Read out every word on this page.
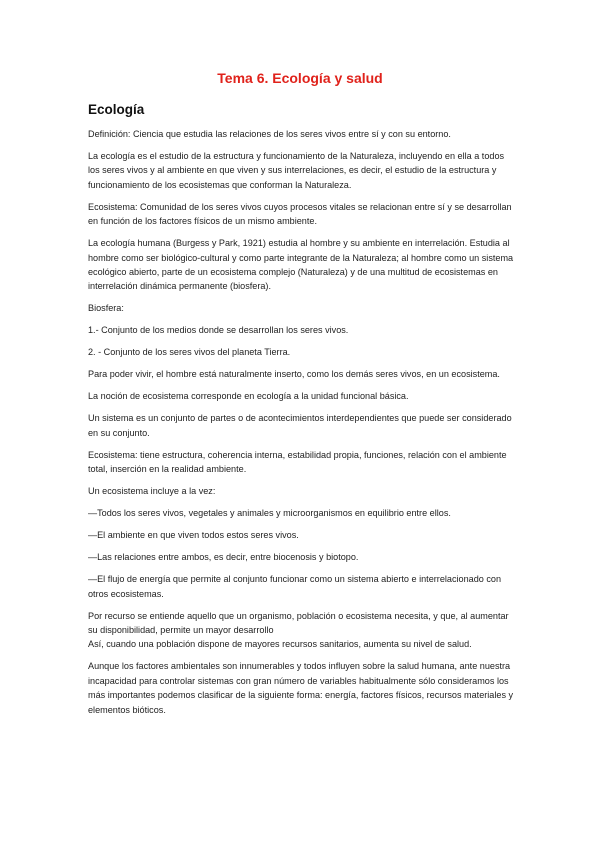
Tema 6. Ecología y salud
Ecología

Definición: Ciencia que estudia las relaciones de los seres vivos entre sí y con su entorno.

La ecología es el estudio de la estructura y funcionamiento de la Naturaleza, incluyendo en ella a todos los seres vivos y al ambiente en que viven y sus interrelaciones, es decir, el estudio de la estructura y funcionamiento de los ecosistemas que conforman la Naturaleza.

Ecosistema: Comunidad de los seres vivos cuyos procesos vitales se relacionan entre sí y se desarrollan en función de los factores físicos de un mismo ambiente.

La ecología humana (Burgess y Park, 1921) estudia al hombre y su ambiente en interrelación. Estudia al hombre como ser biológico-cultural y como parte integrante de la Naturaleza; al hombre como un sistema ecológico abierto, parte de un ecosistema complejo (Naturaleza) y de una multitud de ecosistemas en interrelación dinámica permanente (biosfera).

Biosfera:

1.- Conjunto de los medios donde se desarrollan los seres vivos.

2. - Conjunto de los seres vivos del planeta Tierra.

Para poder vivir, el hombre está naturalmente inserto, como los demás seres vivos, en un ecosistema.

La noción de ecosistema corresponde en ecología a la unidad funcional básica.

Un sistema es un conjunto de partes o de acontecimientos interdependientes que puede ser considerado en su conjunto.

Ecosistema: tiene estructura, coherencia interna, estabilidad propia, funciones, relación con el ambiente total, inserción en la realidad ambiente.

Un ecosistema incluye a la vez:

—Todos los seres vivos, vegetales y animales y microorganismos en equilibrio entre ellos.

—El ambiente en que viven todos estos seres vivos.

—Las relaciones entre ambos, es decir, entre biocenosis y biotopo.

—El flujo de energía que permite al conjunto funcionar como un sistema abierto e interrelacionado con otros ecosistemas.

Por recurso se entiende aquello que un organismo, población o ecosistema necesita, y que, al aumentar su disponibilidad, permite un mayor desarrollo

Así, cuando una población dispone de mayores recursos sanitarios, aumenta su nivel de salud.

Aunque los factores ambientales son innumerables y todos influyen sobre la salud humana, ante nuestra incapacidad para controlar sistemas con gran número de variables habitualmente sólo consideramos los más importantes podemos clasificar de la siguiente forma: energía, factores físicos, recursos materiales y elementos bióticos.
